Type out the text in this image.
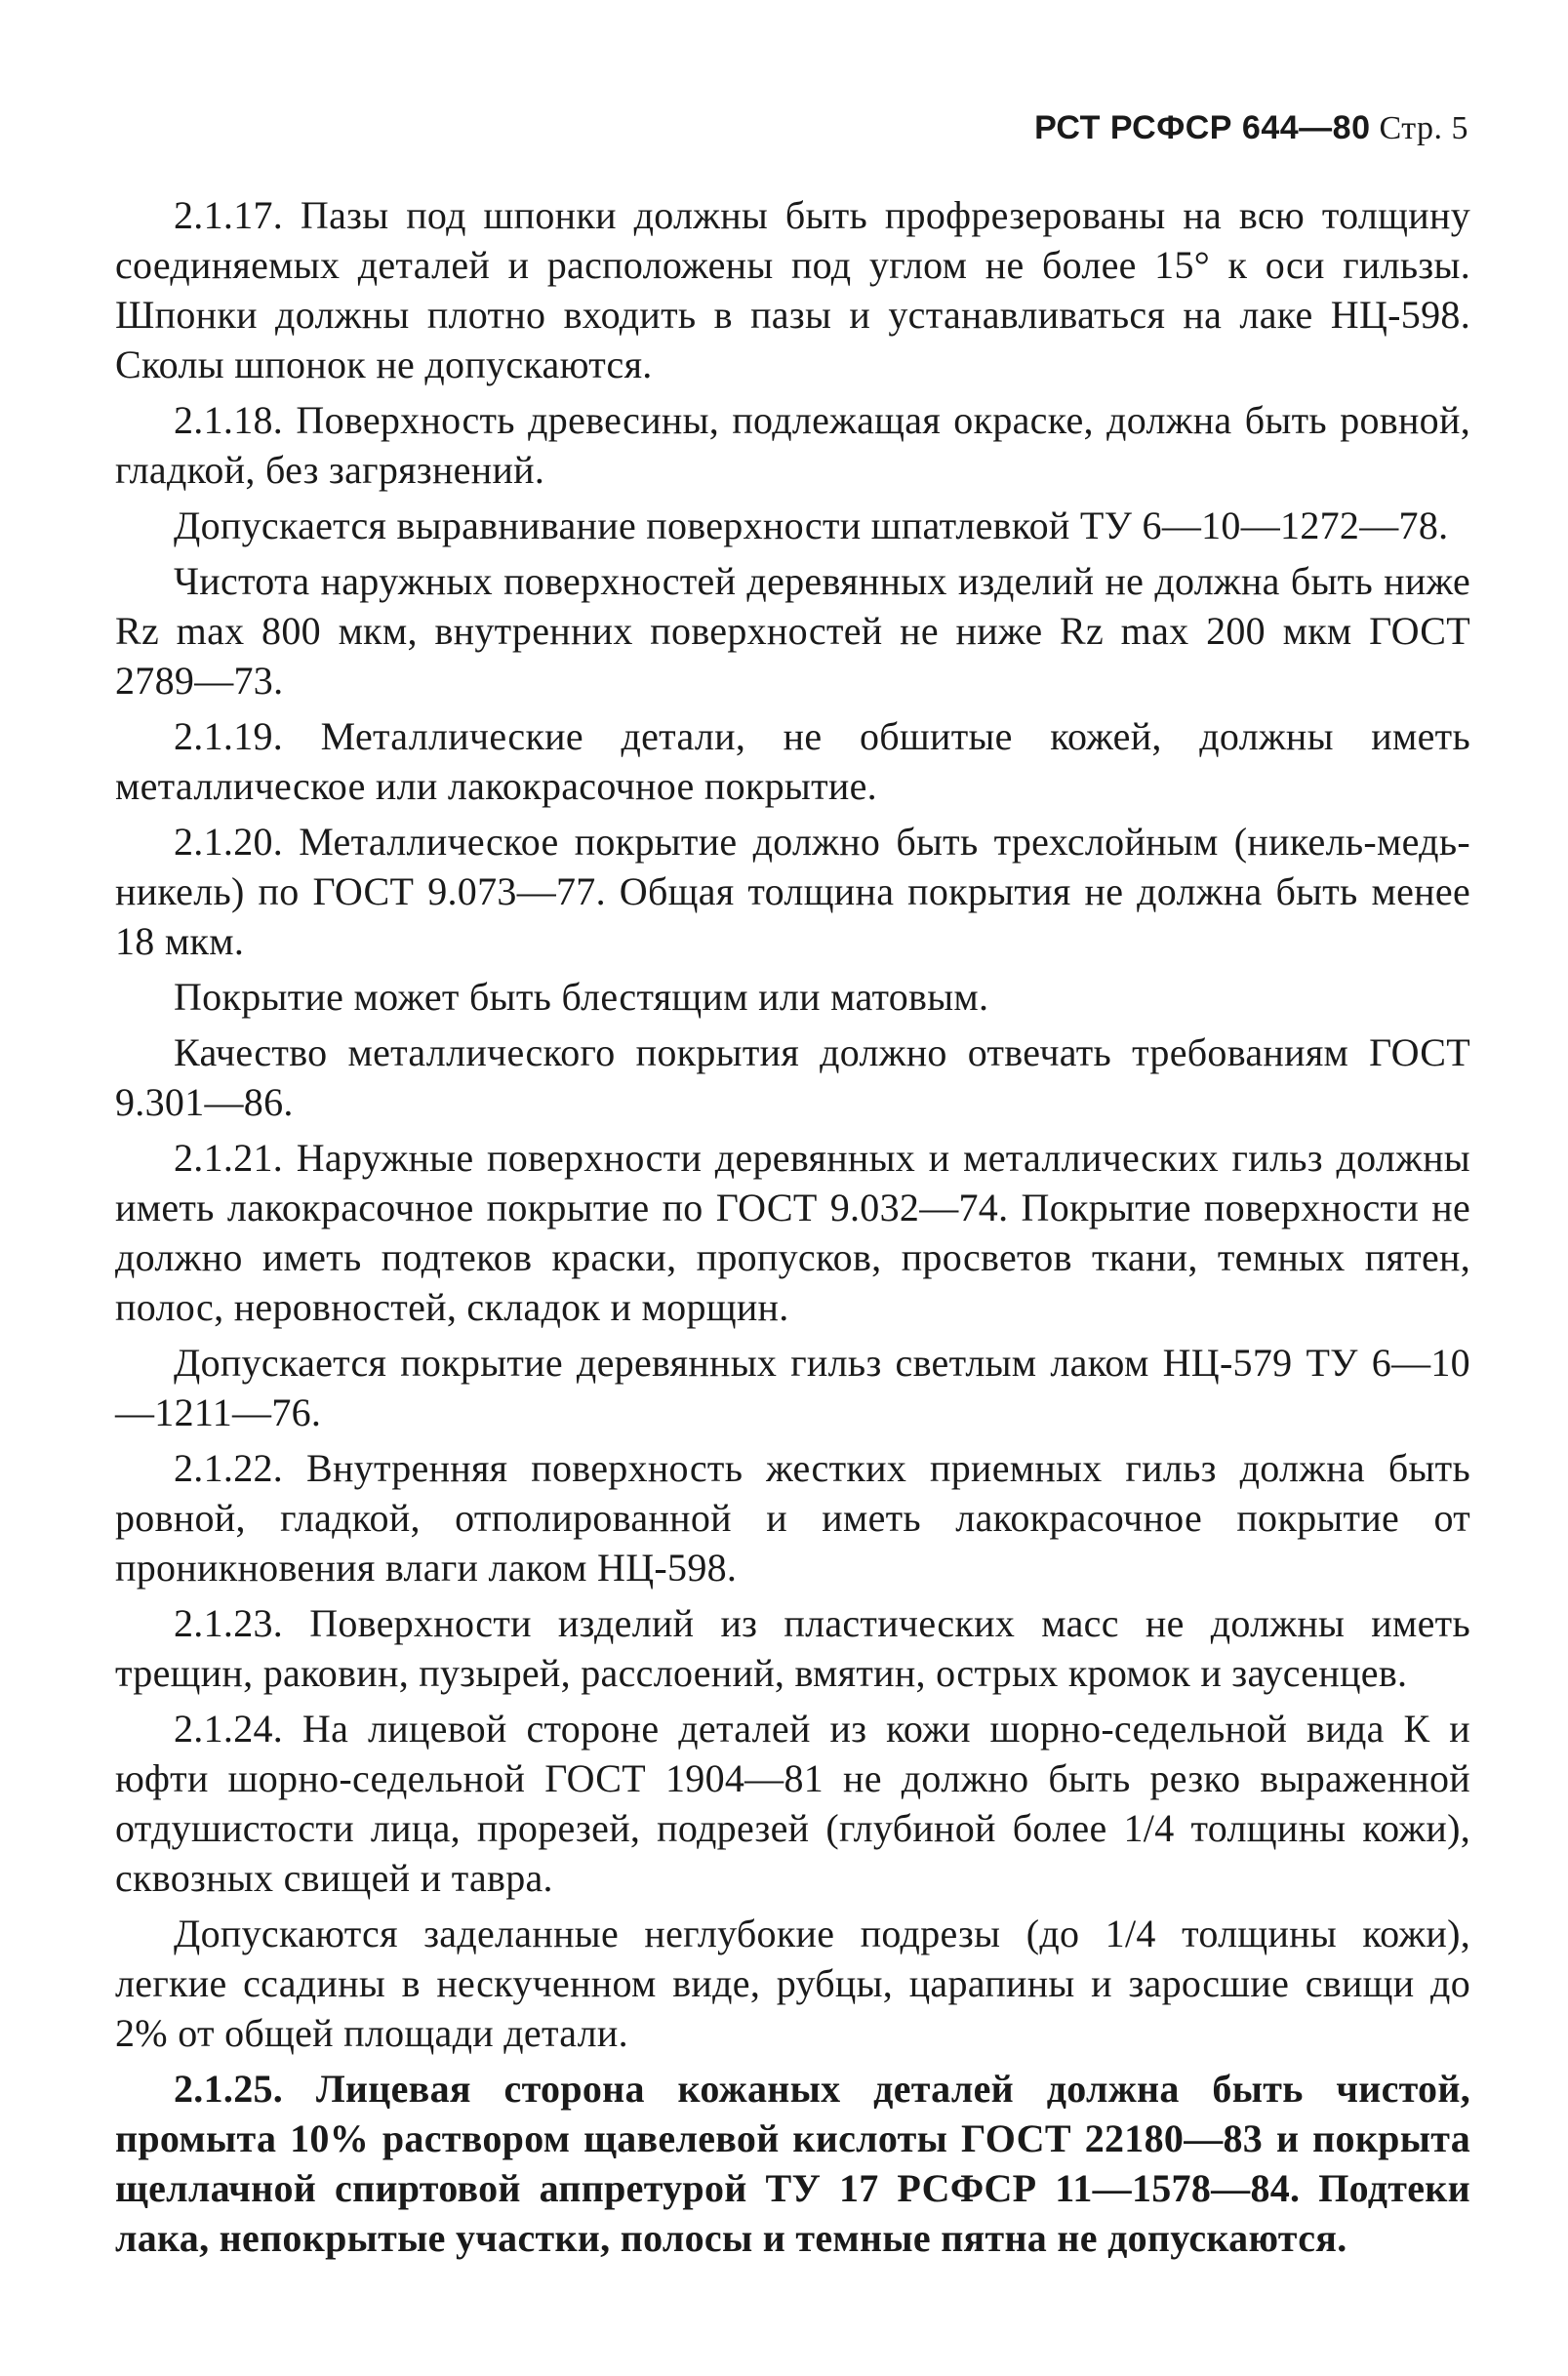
РСТ РСФСР 644—80 Стр. 5

2.1.17. Пазы под шпонки должны быть профрезерованы на всю толщину соединяемых деталей и расположены под углом не более 15° к оси гильзы. Шпонки должны плотно входить в пазы и устанавливаться на лаке НЦ-598. Сколы шпонок не допускаются.

2.1.18. Поверхность древесины, подлежащая окраске, должна быть ровной, гладкой, без загрязнений.

Допускается выравнивание поверхности шпатлевкой ТУ 6—10—1272—78.

Чистота наружных поверхностей деревянных изделий не должна быть ниже Rz max 800 мкм, внутренних поверхностей не ниже Rz max 200 мкм ГОСТ 2789—73.

2.1.19. Металлические детали, не обшитые кожей, должны иметь металлическое или лакокрасочное покрытие.

2.1.20. Металлическое покрытие должно быть трехслойным (никель-медь-никель) по ГОСТ 9.073—77. Общая толщина покрытия не должна быть менее 18 мкм.

Покрытие может быть блестящим или матовым.

Качество металлического покрытия должно отвечать требованиям ГОСТ 9.301—86.

2.1.21. Наружные поверхности деревянных и металлических гильз должны иметь лакокрасочное покрытие по ГОСТ 9.032—74. Покрытие поверхности не должно иметь подтеков краски, пропусков, просветов ткани, темных пятен, полос, неровностей, складок и морщин.

Допускается покрытие деревянных гильз светлым лаком НЦ-579 ТУ 6—10—1211—76.

2.1.22. Внутренняя поверхность жестких приемных гильз должна быть ровной, гладкой, отполированной и иметь лакокрасочное покрытие от проникновения влаги лаком НЦ-598.

2.1.23. Поверхности изделий из пластических масс не должны иметь трещин, раковин, пузырей, расслоений, вмятин, острых кромок и заусенцев.

2.1.24. На лицевой стороне деталей из кожи шорно-седельной вида К и юфти шорно-седельной ГОСТ 1904—81 не должно быть резко выраженной отдушистости лица, прорезей, подрезей (глубиной более 1/4 толщины кожи), сквозных свищей и тавра.

Допускаются заделанные неглубокие подрезы (до 1/4 толщины кожи), легкие ссадины в нескученном виде, рубцы, царапины и заросшие свищи до 2% от общей площади детали.

2.1.25. Лицевая сторона кожаных деталей должна быть чистой, промыта 10% раствором щавелевой кислоты ГОСТ 22180—83 и покрыта щеллачной спиртовой аппретурой ТУ 17 РСФСР 11—1578—84. Подтеки лака, непокрытые участки, полосы и темные пятна не допускаются.
